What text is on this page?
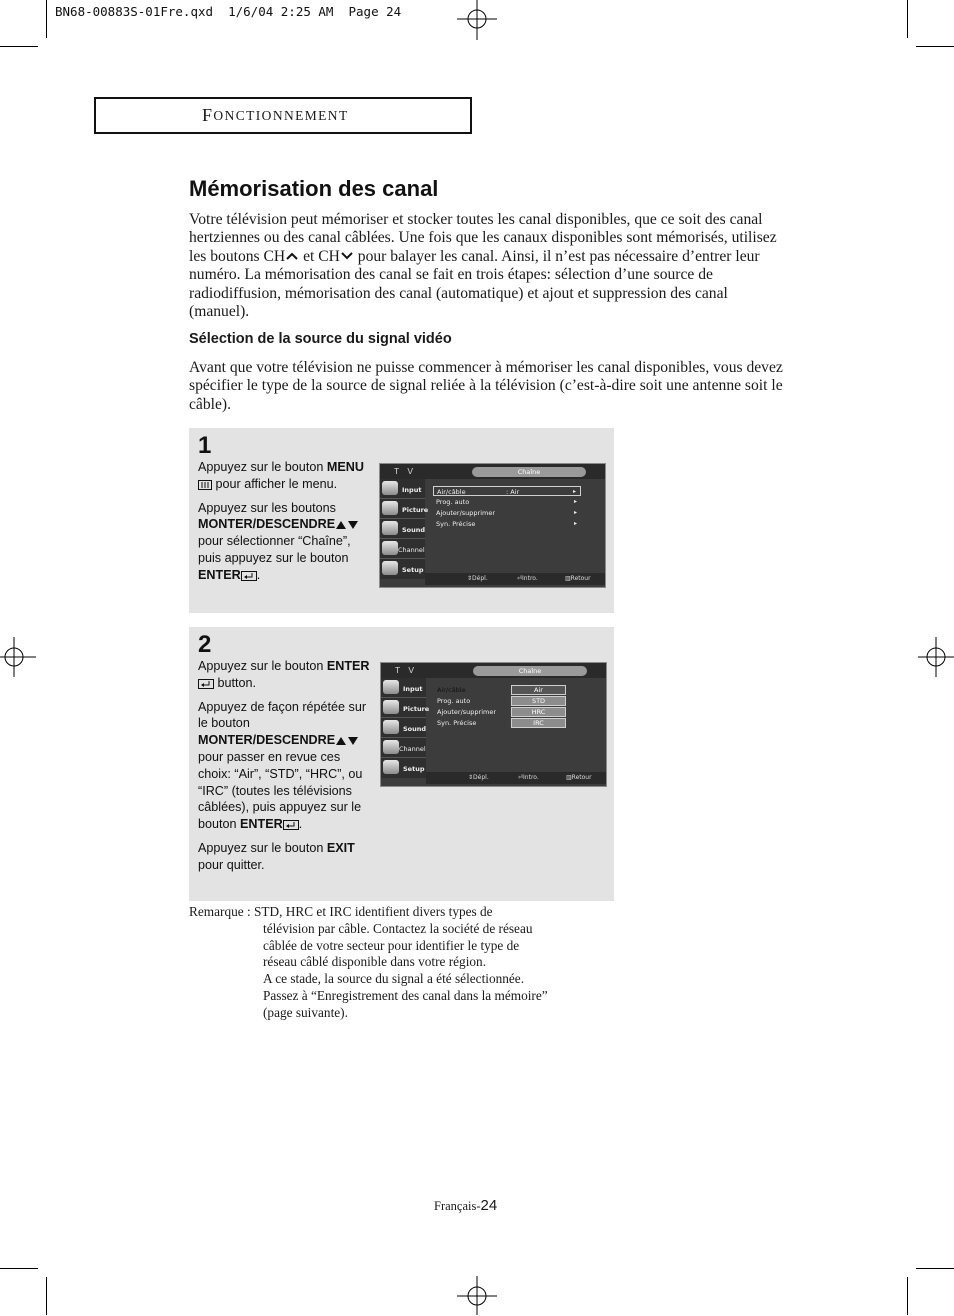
BN68-00883S-01Fre.qxd  1/6/04 2:25 AM  Page 24
F ONCTIONNEMENT
Mémorisation des canal
Votre télévision peut mémoriser et stocker toutes les canal disponibles, que ce soit des canal hertziennes ou des canal câblées. Une fois que les canaux disponibles sont mémorisés, utilisez les boutons CH et CH pour balayer les canal. Ainsi, il n’est pas nécessaire d’entrer leur numéro. La mémorisation des canal se fait en trois étapes: sélection d’une source de radiodiffusion, mémorisation des canal (automatique) et ajout et suppression des canal (manuel).
Sélection de la source du signal vidéo
Avant que votre télévision ne puisse commencer à mémoriser les canal disponibles, vous devez spécifier le type de la source de signal reliée à la télévision (c’est-à-dire soit une antenne soit le câble).
1

Appuyez sur le bouton MENU pour afficher le menu.

Appuyez sur les boutons MONTER/DESCENDRE pour sélectionner “Chaîne”, puis appuyez sur le bouton ENTER .

T V	Chaîne
Input
Picture
Sound
Channel
Setup
Air/câble	: Air	▸
Prog. auto	▸
Ajouter/supprimer	▸
Syn. Précise	▸
⇕ Dépl.	⏎ Intro.	▥ Retour
2

Appuyez sur le bouton ENTER button.

Appuyez de façon répétée sur le bouton MONTER/DESCENDRE pour passer en revue ces choix: “Air”, “STD”, “HRC”, ou “IRC” (toutes les télévisions câblées), puis appuyez sur le bouton ENTER .

Appuyez sur le bouton EXIT pour quitter.

T V	Chaîne
Input
Picture
Sound
Channel
Setup
Air/câble
Prog. auto
Ajouter/supprimer
Syn. Précise
Air
STD
HRC
IRC
⇕ Dépl.	⏎ Intro.	▥ Retour
Remarque : STD, HRC et IRC identifient divers types de
télévision par câble. Contactez la société de réseau
câblée de votre secteur pour identifier le type de
réseau câblé disponible dans votre région.
A ce stade, la source du signal a été sélectionnée.
Passez à “Enregistrement des canal dans la mémoire”
(page suivante).
Français-24
